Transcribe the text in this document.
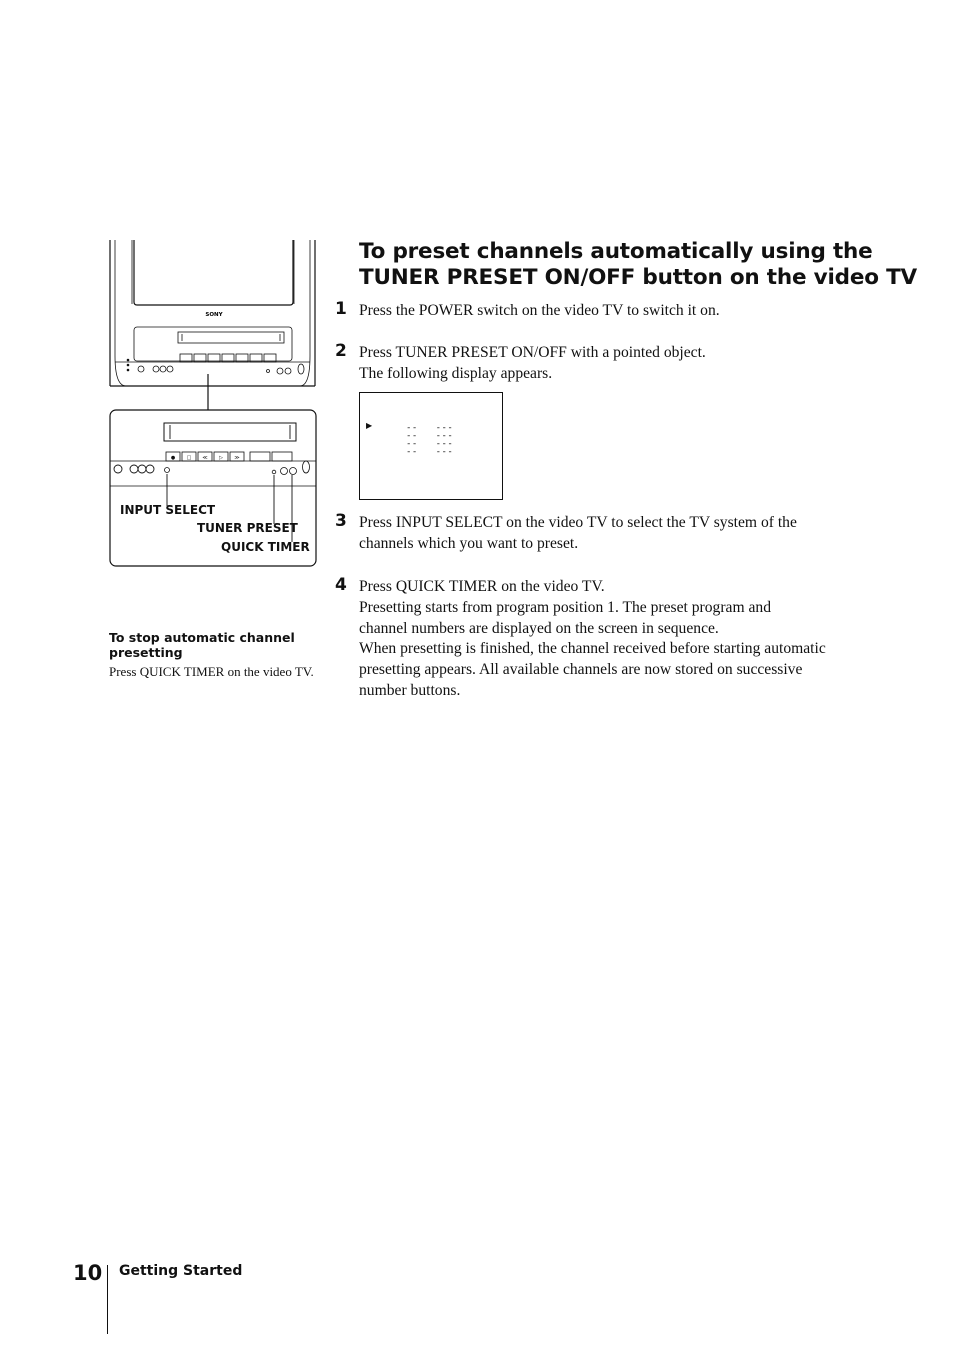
SONY
● □ ≪ ▷ ≫
INPUT SELECT
TUNER PRESET
QUICK TIMER
To stop automatic channel presetting
Press QUICK TIMER on the video TV.
To preset channels automatically using the
TUNER PRESET ON/OFF button on the video TV
1 Press the POWER switch on the video TV to switch it on.
2 Press TUNER PRESET ON/OFF with a pointed object.
The following display appears.
▶	--   ---
--   ---
--   ---
--   ---
3 Press INPUT SELECT on the video TV to select the TV system of the
channels which you want to preset.
4 Press QUICK TIMER on the video TV.
Presetting starts from program position 1. The preset program and
channel numbers are displayed on the screen in sequence.
When presetting is finished, the channel received before starting automatic
presetting appears. All available channels are now stored on successive
number buttons.
10 Getting Started
